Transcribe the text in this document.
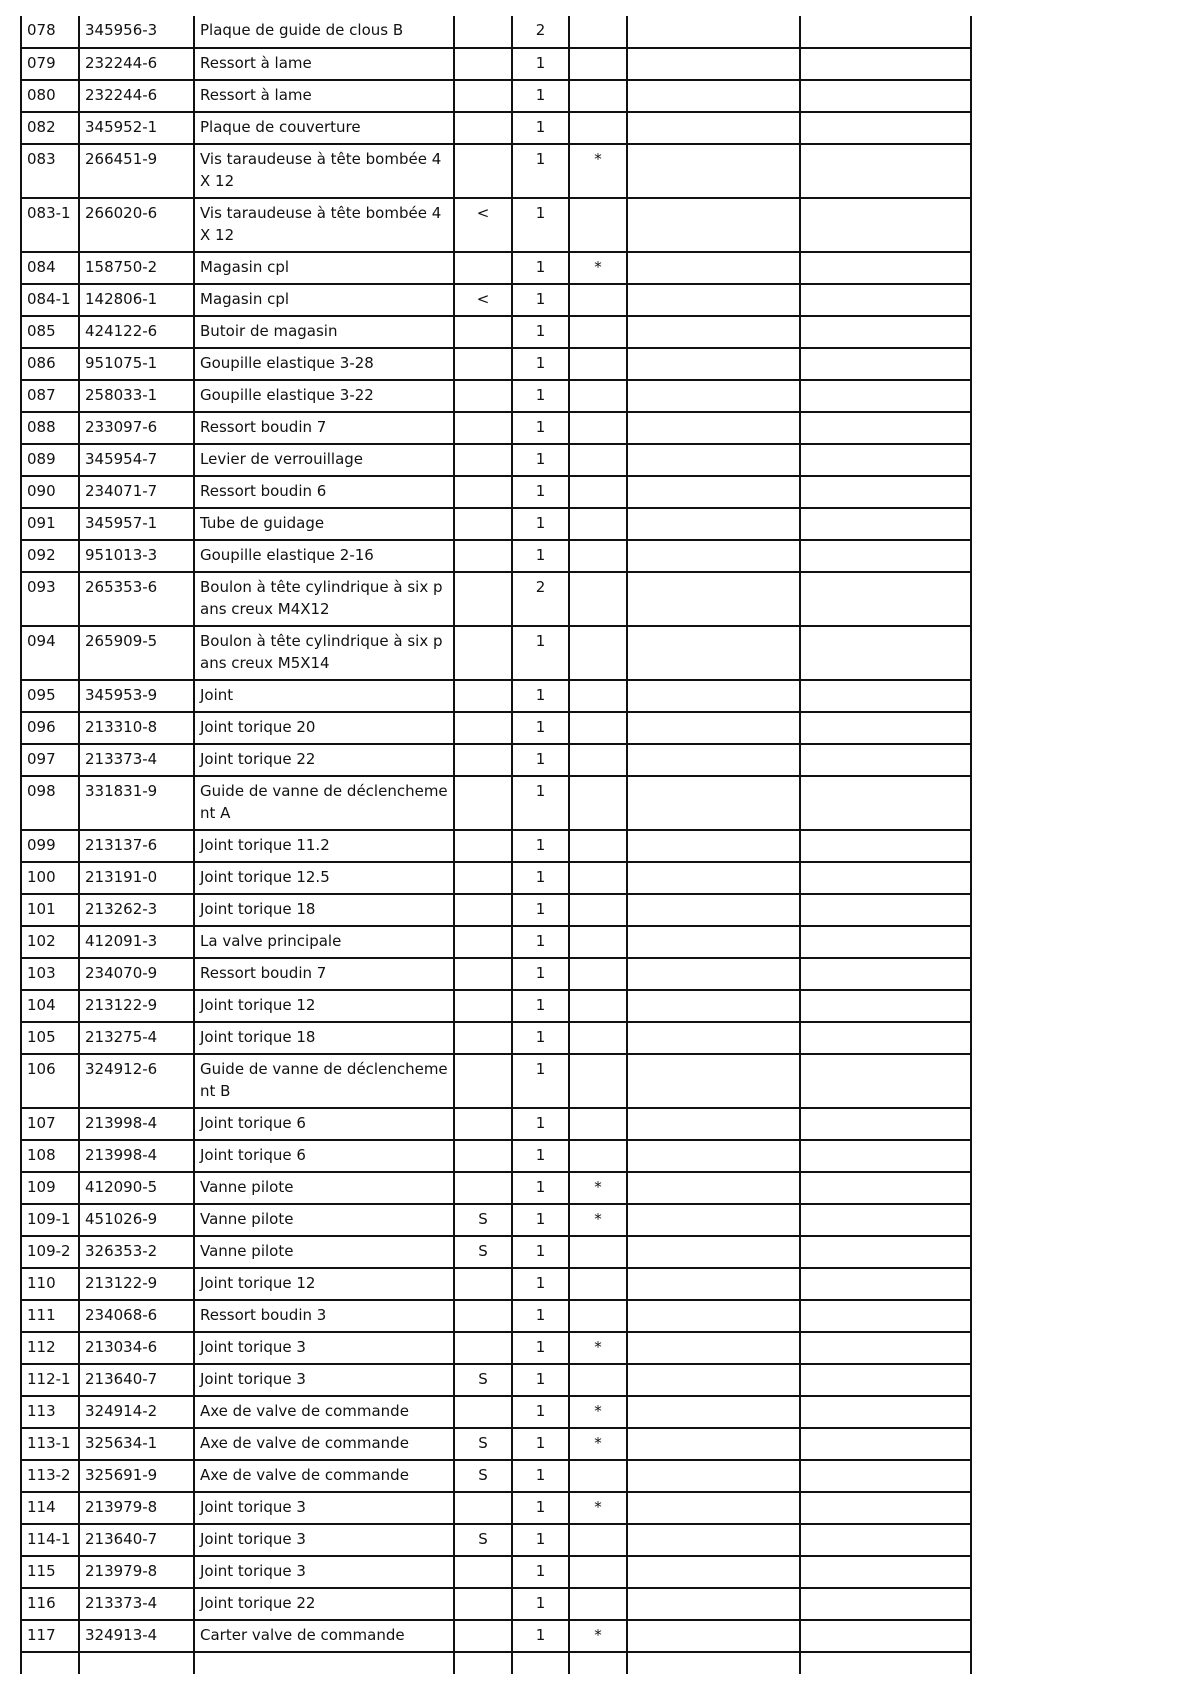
078	345956-3	Plaque de guide de clous B		2			
079	232244-6	Ressort à lame		1			
080	232244-6	Ressort à lame		1			
082	345952-1	Plaque de couverture		1			
083	266451-9	Vis taraudeuse à tête bombée 4X 12		1	*		
083-1	266020-6	Vis taraudeuse à tête bombée 4X 12	<	1			
084	158750-2	Magasin cpl		1	*		
084-1	142806-1	Magasin cpl	<	1			
085	424122-6	Butoir de magasin		1			
086	951075-1	Goupille elastique 3-28		1			
087	258033-1	Goupille elastique 3-22		1			
088	233097-6	Ressort boudin 7		1			
089	345954-7	Levier de verrouillage		1			
090	234071-7	Ressort boudin 6		1			
091	345957-1	Tube de guidage		1			
092	951013-3	Goupille elastique 2-16		1			
093	265353-6	Boulon à tête cylindrique à six pans creux M4X12		2			
094	265909-5	Boulon à tête cylindrique à six pans creux M5X14		1			
095	345953-9	Joint		1			
096	213310-8	Joint torique 20		1			
097	213373-4	Joint torique 22		1			
098	331831-9	Guide de vanne de déclenchement A		1			
099	213137-6	Joint torique 11.2		1			
100	213191-0	Joint torique 12.5		1			
101	213262-3	Joint torique 18		1			
102	412091-3	La valve principale		1			
103	234070-9	Ressort boudin 7		1			
104	213122-9	Joint torique 12		1			
105	213275-4	Joint torique 18		1			
106	324912-6	Guide de vanne de déclenchement B		1			
107	213998-4	Joint torique 6		1			
108	213998-4	Joint torique 6		1			
109	412090-5	Vanne pilote		1	*		
109-1	451026-9	Vanne pilote	S	1	*		
109-2	326353-2	Vanne pilote	S	1			
110	213122-9	Joint torique 12		1			
111	234068-6	Ressort boudin 3		1			
112	213034-6	Joint torique 3		1	*		
112-1	213640-7	Joint torique 3	S	1			
113	324914-2	Axe de valve de commande		1	*		
113-1	325634-1	Axe de valve de commande	S	1	*		
113-2	325691-9	Axe de valve de commande	S	1			
114	213979-8	Joint torique 3		1	*		
114-1	213640-7	Joint torique 3	S	1			
115	213979-8	Joint torique 3		1			
116	213373-4	Joint torique 22		1			
117	324913-4	Carter valve de commande		1	*		
